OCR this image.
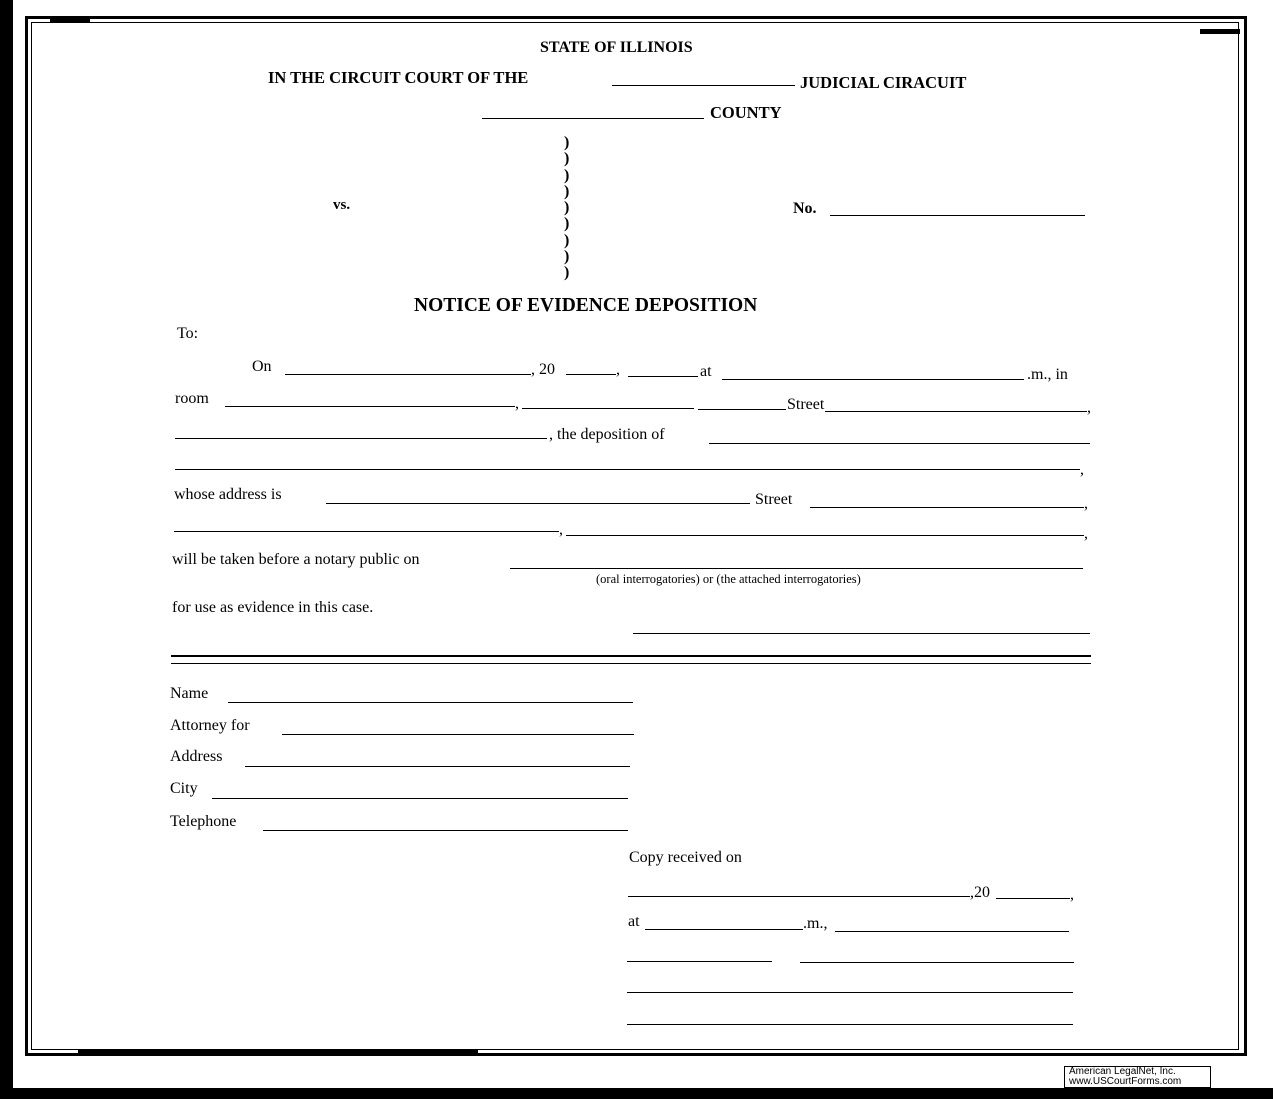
STATE OF ILLINOIS
IN THE CIRCUIT COURT OF THE	JUDICIAL CIRACUIT
COUNTY
)
)
)
)
)
)
)
)
)
vs.	No.
NOTICE OF EVIDENCE DEPOSITION
To:
On	, 20	,	at	.m., in
room	,	Street	,
, the deposition of
,
whose address is	Street	,
,	,
will be taken before a notary public on
(oral interrogatories) or (the attached interrogatories)
for use as evidence in this case.
Name
Attorney for
Address
City
Telephone
Copy received on
,20	,
at	.m.,
American LegalNet, Inc.
www.USCourtForms.com
